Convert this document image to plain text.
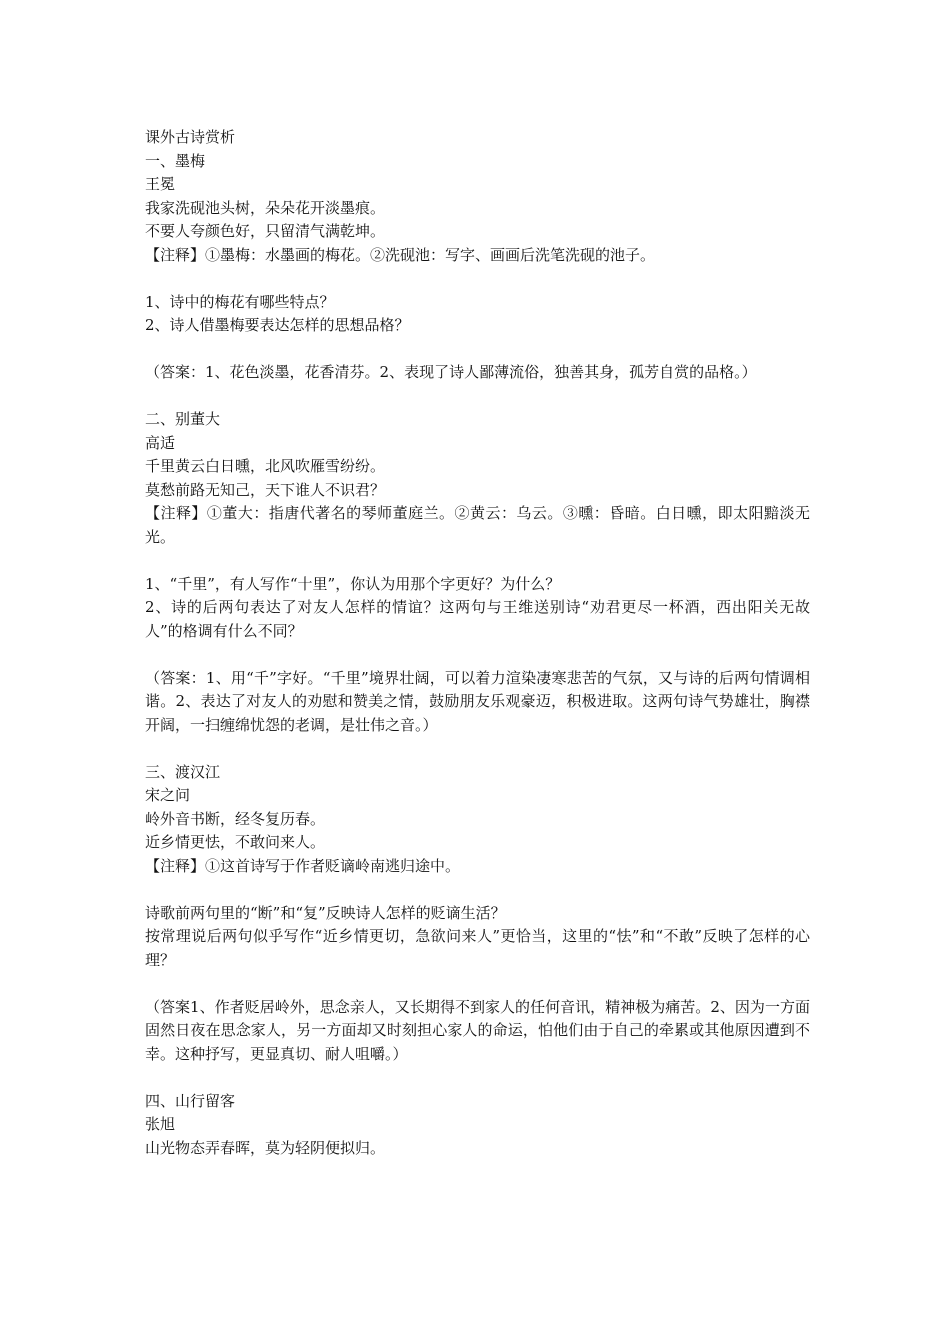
课外古诗赏析
一、墨梅
王冕
我家洗砚池头树，朵朵花开淡墨痕。
不要人夸颜色好，只留清气满乾坤。
【注释】①墨梅：水墨画的梅花。②洗砚池：写字、画画后洗笔洗砚的池子。
1、诗中的梅花有哪些特点？
2、诗人借墨梅要表达怎样的思想品格？
（答案：1、花色淡墨，花香清芬。2、表现了诗人鄙薄流俗，独善其身，孤芳自赏的品格。）
二、别董大
高适
千里黄云白日曛，北风吹雁雪纷纷。
莫愁前路无知己，天下谁人不识君？
【注释】①董大：指唐代著名的琴师董庭兰。②黄云：乌云。③曛：昏暗。白日曛，即太阳黯淡无光。
1、“千里”，有人写作“十里”，你认为用那个字更好？为什么？
2、诗的后两句表达了对友人怎样的情谊？这两句与王维送别诗“劝君更尽一杯酒，西出阳关无故人”的格调有什么不同？
（答案：1、用“千”字好。“千里”境界壮阔，可以着力渲染凄寒悲苦的气氛，又与诗的后两句情调相谐。2、表达了对友人的劝慰和赞美之情，鼓励朋友乐观豪迈，积极进取。这两句诗气势雄壮，胸襟开阔，一扫缠绵忧怨的老调，是壮伟之音。）
三、渡汉江
宋之问
岭外音书断，经冬复历春。
近乡情更怯，不敢问来人。
【注释】①这首诗写于作者贬谪岭南逃归途中。
诗歌前两句里的“断”和“复”反映诗人怎样的贬谪生活？
按常理说后两句似乎写作“近乡情更切，急欲问来人”更恰当，这里的“怯”和“不敢”反映了怎样的心理？
（答案1、作者贬居岭外，思念亲人，又长期得不到家人的任何音讯，精神极为痛苦。2、因为一方面固然日夜在思念家人，另一方面却又时刻担心家人的命运，怕他们由于自己的牵累或其他原因遭到不幸。这种抒写，更显真切、耐人咀嚼。）
四、山行留客
张旭
山光物态弄春晖，莫为轻阴便拟归。
